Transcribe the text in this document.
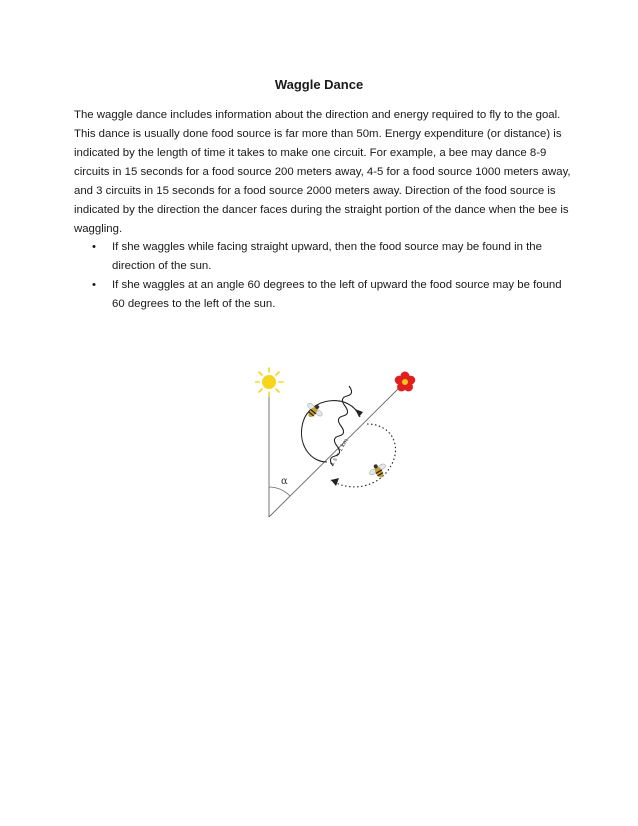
Waggle Dance
The waggle dance includes information about the direction and energy required to fly to the goal. This dance is usually done food source is far more than 50m. Energy expenditure (or distance) is indicated by the length of time it takes to make one circuit. For example, a bee may dance 8-9 circuits in 15 seconds for a food source 200 meters away, 4-5 for a food source 1000 meters away, and 3 circuits in 15 seconds for a food source 2000 meters away. Direction of the food source is indicated by the direction the dancer faces during the straight portion of the dance when the bee is waggling.
•	If she waggles while facing straight upward, then the food source may be found in the direction of the sun.
•	If she waggles at an angle 60 degrees to the left of upward the food source may be found 60 degrees to the left of the sun.
α
1 s ≈ 1 km
